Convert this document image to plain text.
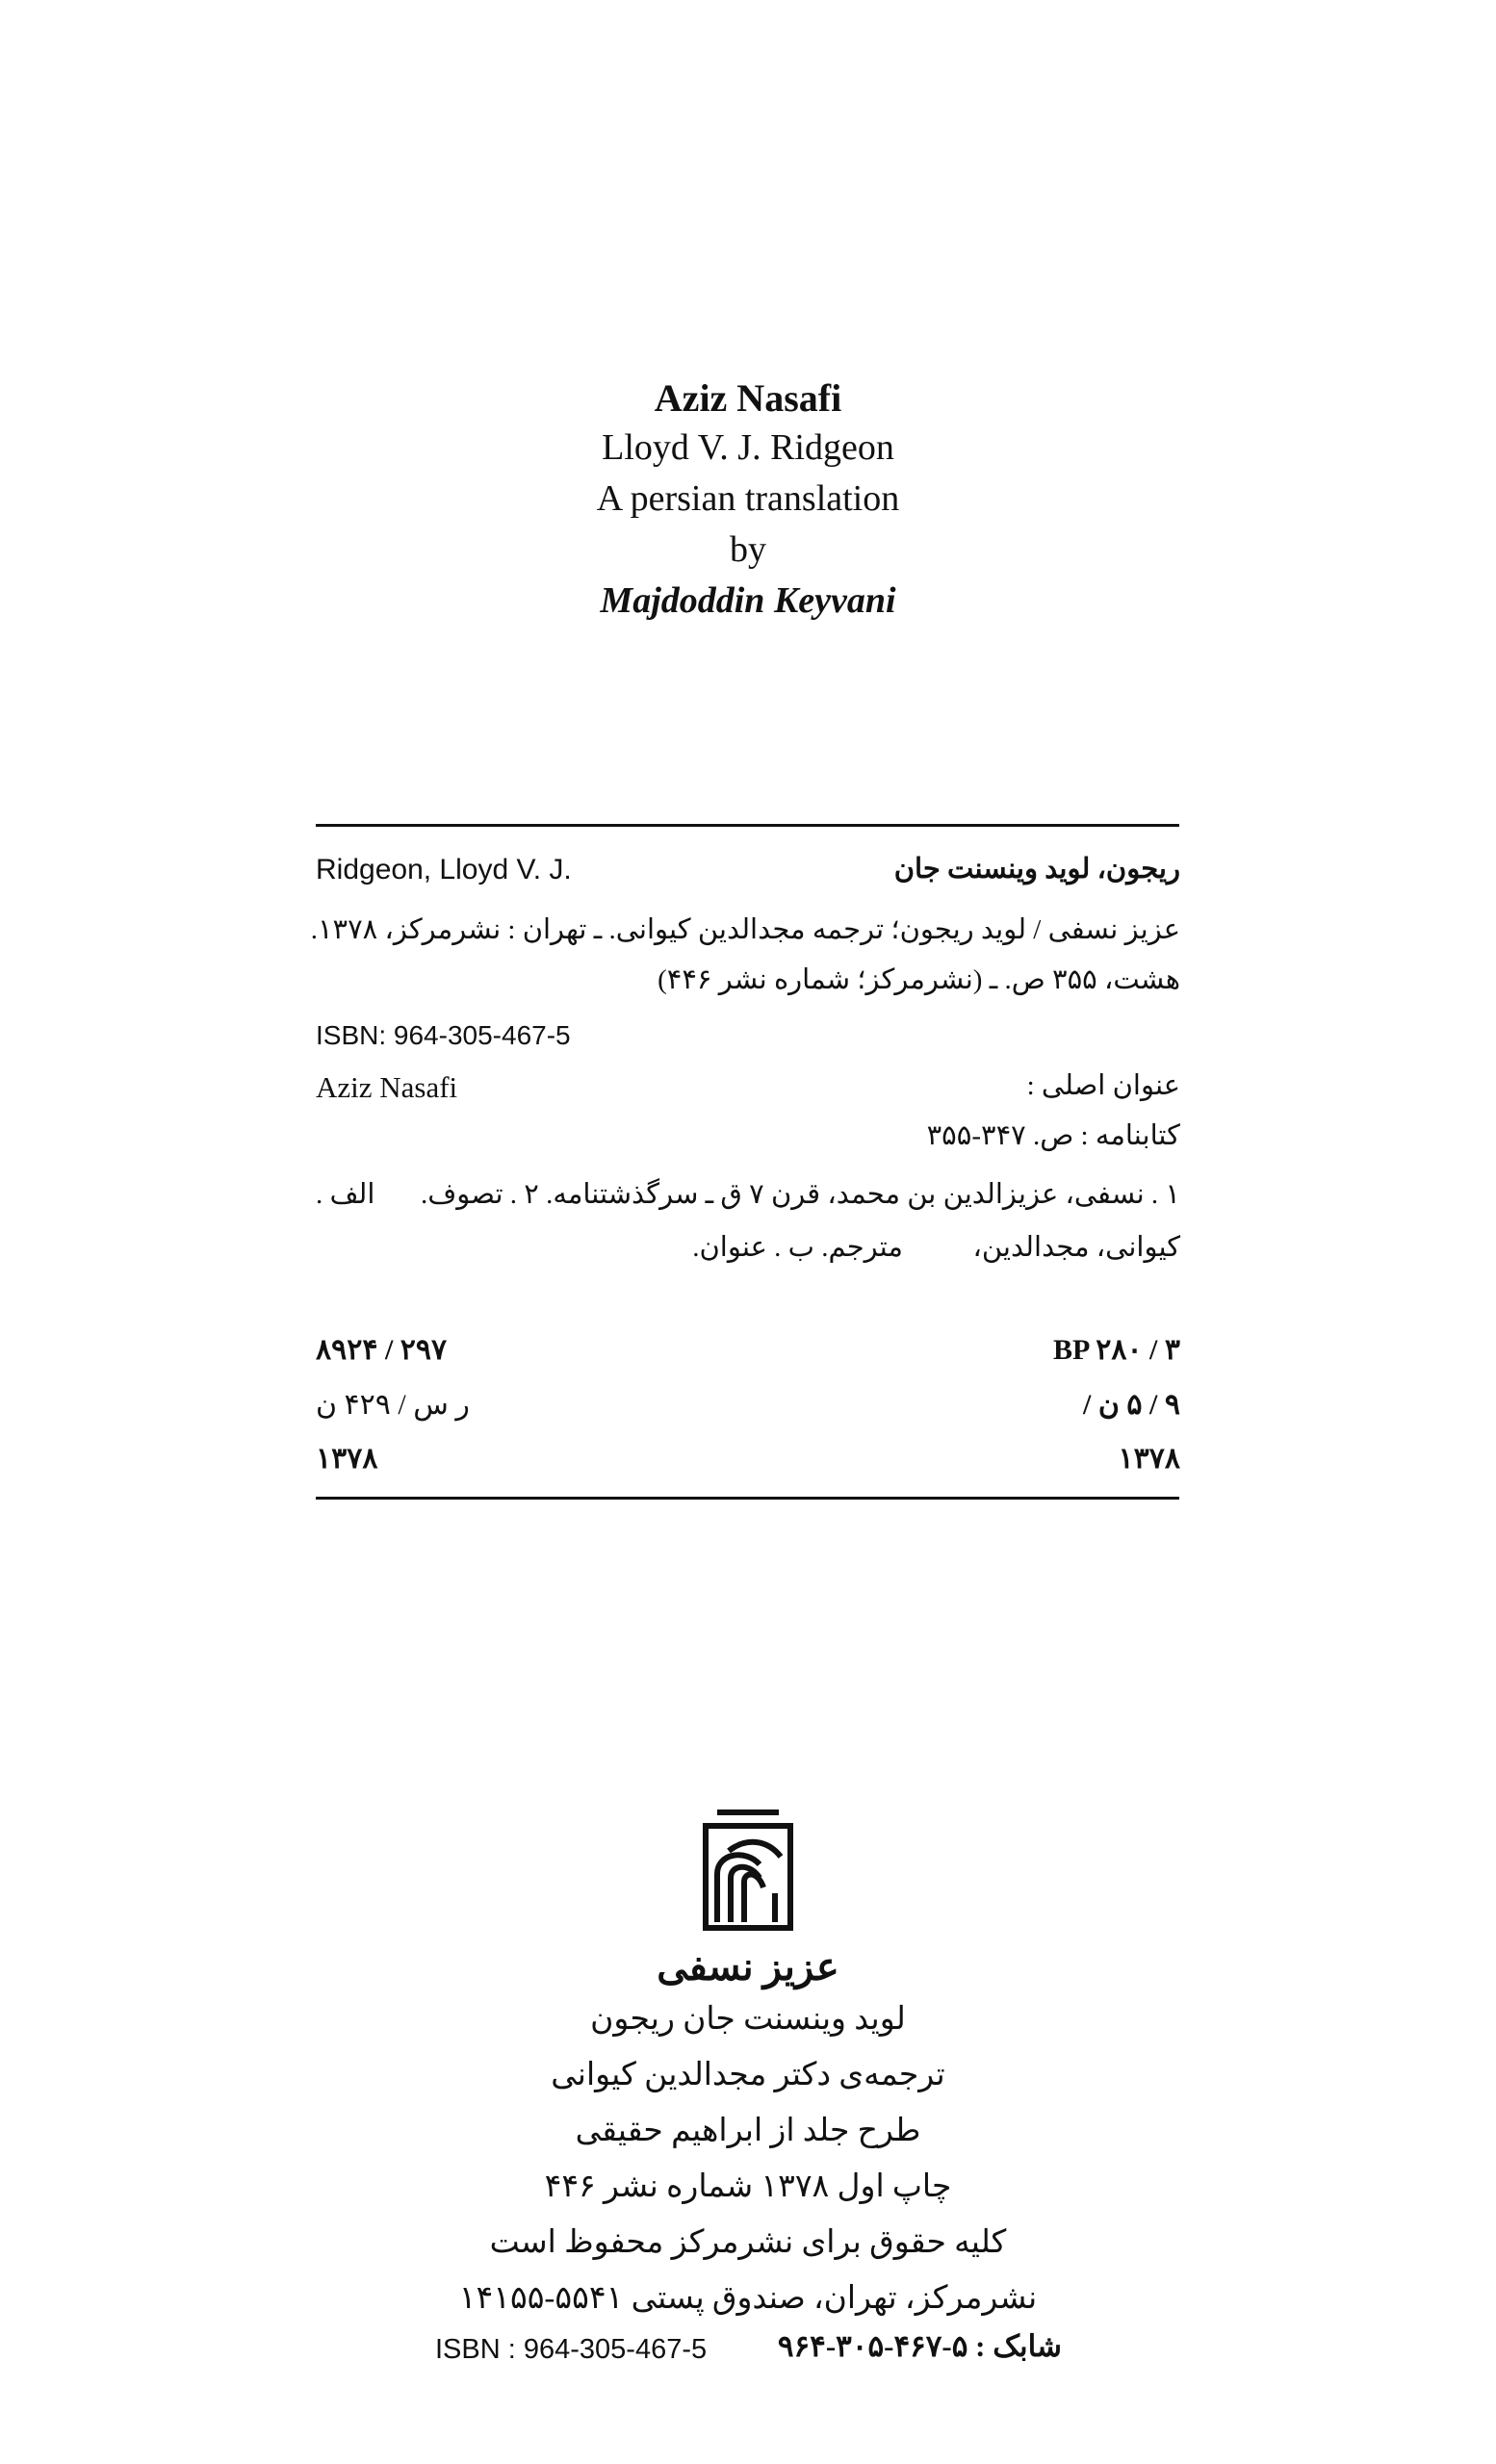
Aziz Nasafi
Lloyd V. J. Ridgeon
A persian translation
by
Majdoddin Keyvani
Ridgeon, Lloyd V. J.	ریجون، لوید وینسنت جان
عزیز نسفی / لوید ریجون؛ ترجمه مجدالدین کیوانی. ـ تهران : نشرمرکز، ۱۳۷۸.
هشت، ۳۵۵ ص. ـ (نشرمرکز؛ شماره نشر ۴۴۶)
ISBN: 964-305-467-5
Aziz Nasafi	عنوان اصلی :
کتابنامه : ص. ۳۴۷-۳۵۵
۱ . نسفی، عزیزالدین بن محمد، قرن ۷ ق ـ سرگذشتنامه. ۲ . تصوف.
الف .
کیوانی، مجدالدین،          مترجم. ب . عنوان.
۲۹۷ / ۸۹۲۴
ر س / ۴۲۹ ن
۱۳۷۸
BP ۲۸۰ / ۳
۹ / ۵ ن /
۱۳۷۸
عزیز نسفی
لوید وینسنت جان ریجون
ترجمه‌ی دکتر مجدالدین کیوانی
طرح جلد از ابراهیم حقیقی
چاپ اول ۱۳۷۸ شماره نشر ۴۴۶
کلیه حقوق برای نشرمرکز محفوظ است
نشرمرکز، تهران، صندوق پستی ۵۵۴۱-۱۴۱۵۵
ISBN : 964-305-467-5 شابک : ۵-۴۶۷-۳۰۵-۹۶۴
